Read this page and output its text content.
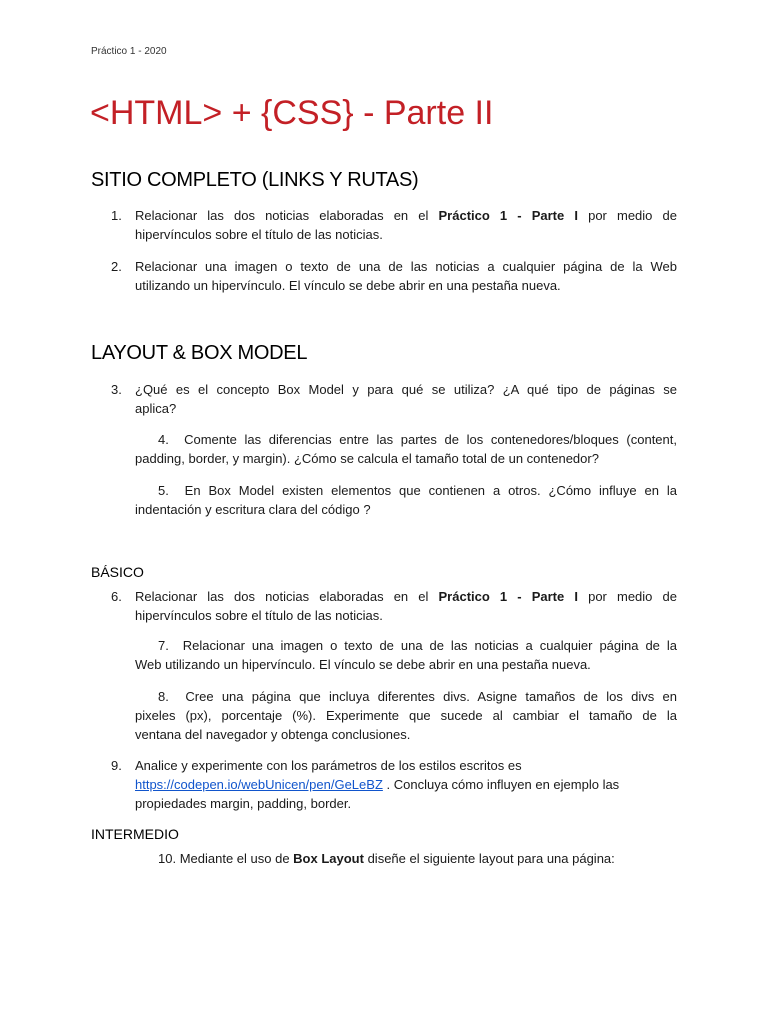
Práctico 1 - 2020
<HTML> + {CSS} - Parte II
SITIO COMPLETO (LINKS Y RUTAS)
1. Relacionar las dos noticias elaboradas en el Práctico 1 - Parte I por medio de
hipervínculos sobre el título de las noticias.
2. Relacionar una imagen o texto de una de las noticias a cualquier página de la Web
utilizando un hipervínculo. El vínculo se debe abrir en una pestaña nueva.
LAYOUT & BOX MODEL
3. ¿Qué es el concepto Box Model y para qué se utiliza? ¿A qué tipo de páginas se
aplica?
4. Comente las diferencias entre las partes de los contenedores/bloques (content,
padding, border, y margin). ¿Cómo se calcula el tamaño total de un contenedor?
5. En Box Model existen elementos que contienen a otros. ¿Cómo influye en la
indentación y escritura clara del código ?
BÁSICO
6. Relacionar las dos noticias elaboradas en el Práctico 1 - Parte I por medio de
hipervínculos sobre el título de las noticias.
7. Relacionar una imagen o texto de una de las noticias a cualquier página de la
Web utilizando un hipervínculo. El vínculo se debe abrir en una pestaña nueva.
8. Cree una página que incluya diferentes divs. Asigne tamaños de los divs en
pixeles (px), porcentaje (%). Experimente que sucede al cambiar el tamaño de la
ventana del navegador y obtenga conclusiones.
9. Analice y experimente con los parámetros de los estilos escritos es
https://codepen.io/webUnicen/pen/GeLeBZ . Concluya cómo influyen en ejemplo las
propiedades margin, padding, border.
INTERMEDIO
10. Mediante el uso de Box Layout diseñe el siguiente layout para una página:
